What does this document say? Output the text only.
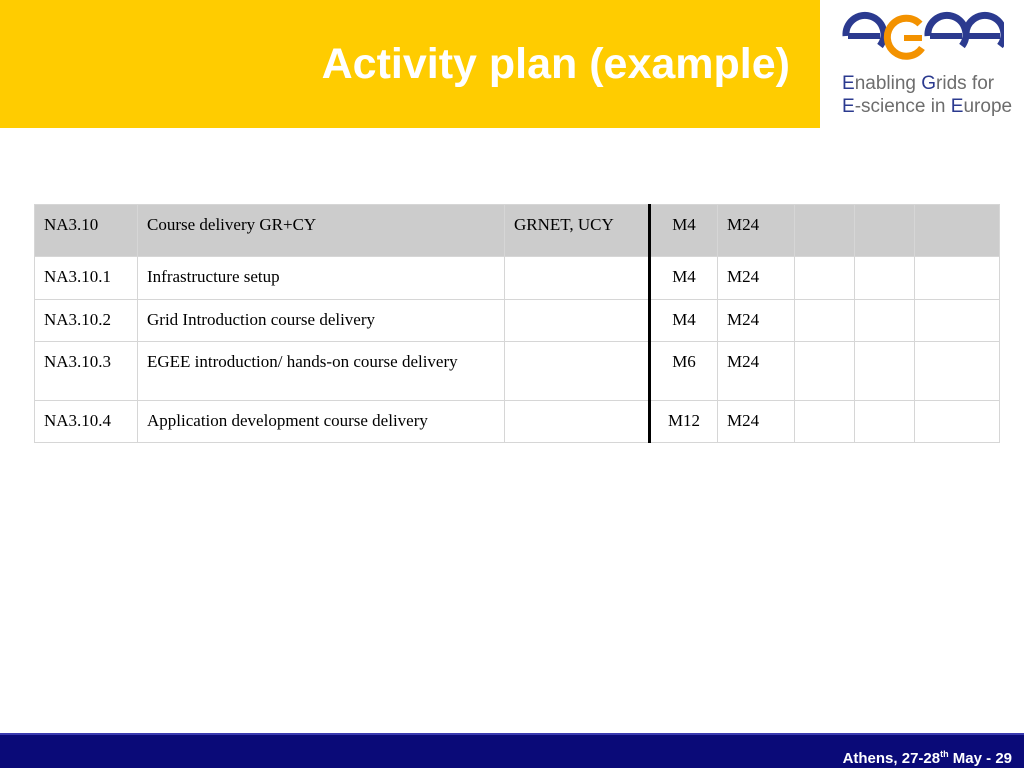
Activity plan (example)	Enabling Grids for
E-science in Europe
NA3.10	Course delivery GR+CY	GRNET, UCY	M4	M24			
NA3.10.1	Infrastructure setup		M4	M24			
NA3.10.2	Grid Introduction course delivery		M4	M24			
NA3.10.3	EGEE introduction/ hands-on course delivery		M6	M24			
NA3.10.4	Application development course delivery		M12	M24			
Athens, 27-28th May - 29
